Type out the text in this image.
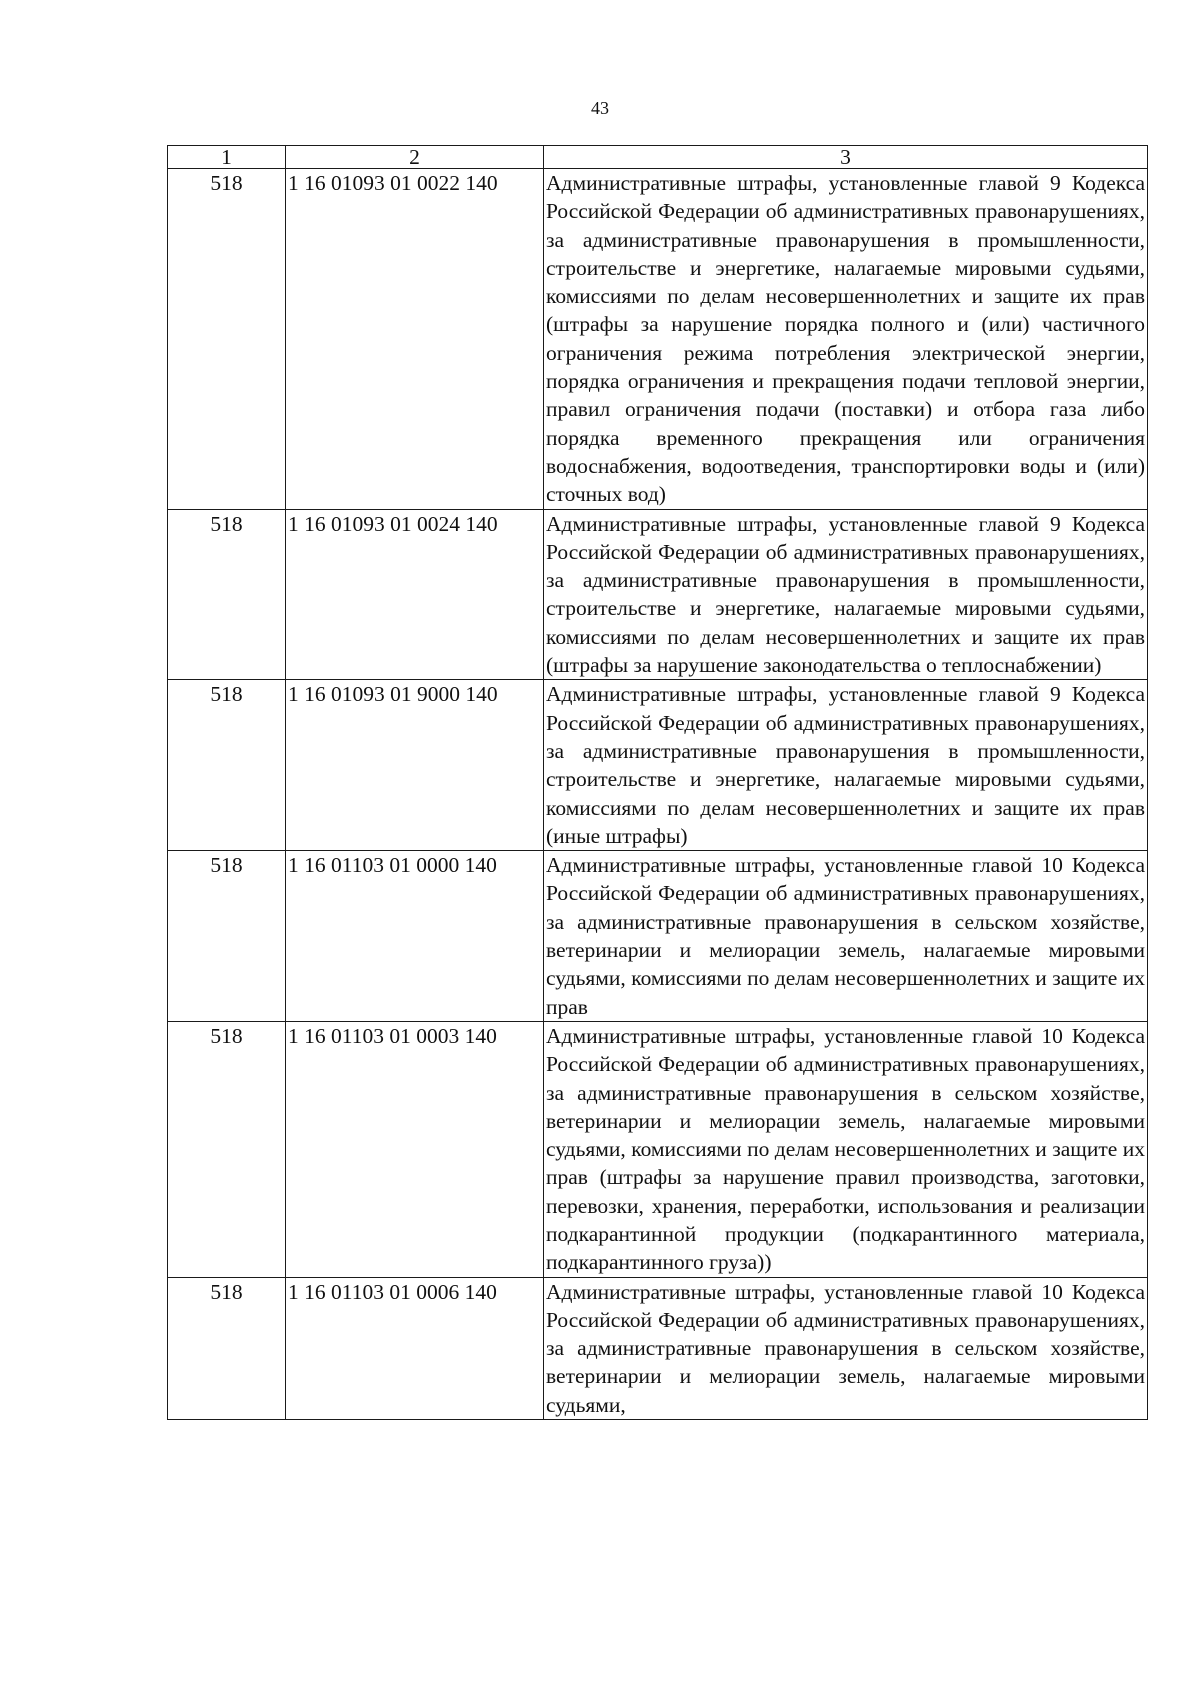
43
1	2	3
518	1 16 01093 01 0022 140	Административные штрафы, установленные главой 9 Кодекса Российской Федерации об административных правонарушениях, за административные правонарушения в промышленности, строительстве и энергетике, налагаемые мировыми судьями, комиссиями по делам несовершеннолетних и защите их прав (штрафы за нарушение порядка полного и (или) частичного ограничения режима потребления электрической энергии, порядка ограничения и прекращения подачи тепловой энергии, правил ограничения подачи (поставки) и отбора газа либо порядка временного прекращения или ограничения водоснабжения, водоотведения, транспортировки воды и (или) сточных вод)
518	1 16 01093 01 0024 140	Административные штрафы, установленные главой 9 Кодекса Российской Федерации об административных правонарушениях, за административные правонарушения в промышленности, строительстве и энергетике, налагаемые мировыми судьями, комиссиями по делам несовершеннолетних и защите их прав (штрафы за нарушение законодательства о теплоснабжении)
518	1 16 01093 01 9000 140	Административные штрафы, установленные главой 9 Кодекса Российской Федерации об административных правонарушениях, за административные правонарушения в промышленности, строительстве и энергетике, налагаемые мировыми судьями, комиссиями по делам несовершеннолетних и защите их прав (иные штрафы)
518	1 16 01103 01 0000 140	Административные штрафы, установленные главой 10 Кодекса Российской Федерации об административных правонарушениях, за административные правонарушения в сельском хозяйстве, ветеринарии и мелиорации земель, налагаемые мировыми судьями, комиссиями по делам несовершеннолетних и защите их прав
518	1 16 01103 01 0003 140	Административные штрафы, установленные главой 10 Кодекса Российской Федерации об административных правонарушениях, за административные правонарушения в сельском хозяйстве, ветеринарии и мелиорации земель, налагаемые мировыми судьями, комиссиями по делам несовершеннолетних и защите их прав (штрафы за нарушение правил производства, заготовки, перевозки, хранения, переработки, использования и реализации подкарантинной продукции (подкарантинного материала, подкарантинного груза))
518	1 16 01103 01 0006 140	Административные штрафы, установленные главой 10 Кодекса Российской Федерации об административных правонарушениях, за административные правонарушения в сельском хозяйстве, ветеринарии и мелиорации земель, налагаемые мировыми судьями,
